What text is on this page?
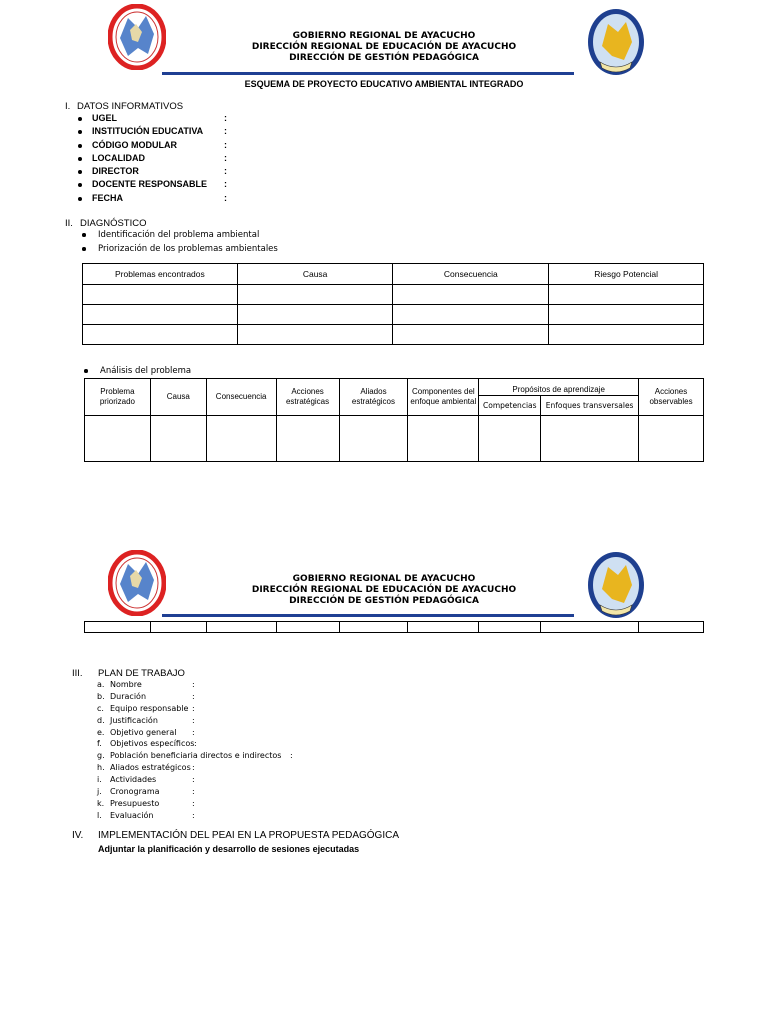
GOBIERNO REGIONAL DE AYACUCHO
DIRECCIÓN REGIONAL DE EDUCACIÓN DE AYACUCHO
DIRECCIÓN DE GESTIÓN PEDAGÓGICA
ESQUEMA DE PROYECTO EDUCATIVO AMBIENTAL INTEGRADO
I. DATOS INFORMATIVOS
UGEL	:
INSTITUCIÓN EDUCATIVA :
CÓDIGO MODULAR	:
LOCALIDAD	:
DIRECTOR	:
DOCENTE RESPONSABLE :
FECHA	:
II. DIAGNÓSTICO
Identificación del problema ambiental
Priorización de los problemas ambientales
Problemas encontrados	Causa	Consecuencia	Riesgo Potencial

Análisis del problema
Problema priorizado	Causa	Consecuencia	Acciones estratégicas	Aliados estratégicos	Componentes del enfoque ambiental	Propósitos de aprendizaje		Acciones observables
						Competencias	Enfoques transversales	

GOBIERNO REGIONAL DE AYACUCHO
DIRECCIÓN REGIONAL DE EDUCACIÓN DE AYACUCHO
DIRECCIÓN DE GESTIÓN PEDAGÓGICA

III. PLAN DE TRABAJO
a. Nombre	:
b. Duración	:
c. Equipo responsable :
d. Justificación	:
e. Objetivo general :
f. Objetivos específicos :
g. Población beneficiaria directos e indirectos :
h. Aliados estratégicos :
i. Actividades	:
j. Cronograma	:
k. Presupuesto	:
l. Evaluación	:
IV. IMPLEMENTACIÓN DEL PEAI EN LA PROPUESTA PEDAGÓGICA
Adjuntar la planificación y desarrollo de sesiones ejecutadas
